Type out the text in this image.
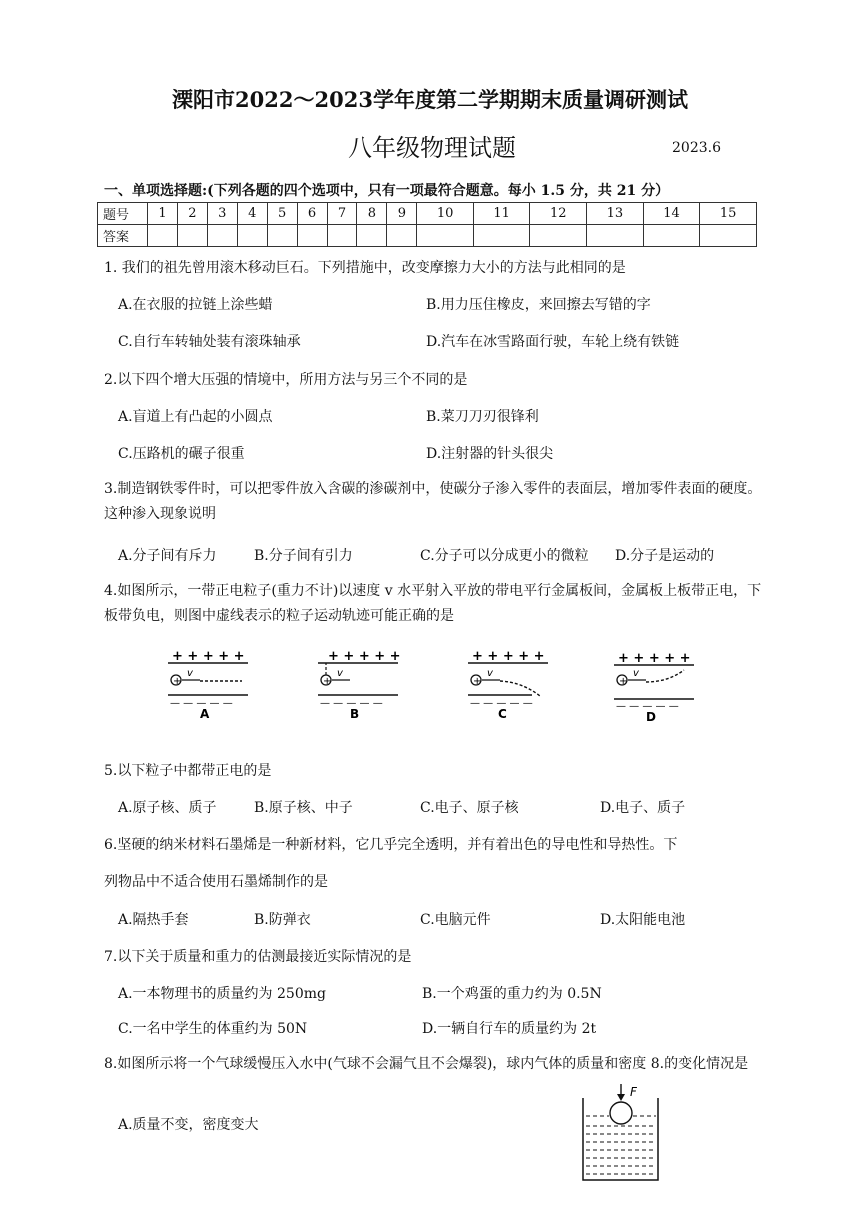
溧阳市2022～2023学年度第二学期期末质量调研测试
八年级物理试题	2023.6
一、单项选择题:(下列各题的四个选项中，只有一项最符合题意。每小 1.5 分，共 21 分）
题号	1	2	3	4	5	6	7	8	9	10	11	12	13	14	15
答案															
1. 我们的祖先曾用滚木移动巨石。下列措施中，改变摩擦力大小的方法与此相同的是
A.在衣服的拉链上涂些蜡	B.用力压住橡皮，来回擦去写错的字
C.自行车转轴处装有滚珠轴承	D.汽车在冰雪路面行驶，车轮上绕有铁链
2.以下四个增大压强的情境中，所用方法与另三个不同的是
A.盲道上有凸起的小圆点	B.菜刀刀刃很锋利
C.压路机的碾子很重	D.注射器的针头很尖
3.制造钢铁零件时，可以把零件放入含碳的渗碳剂中，使碳分子渗入零件的表面层，增加零件表面的硬度。这种渗入现象说明
A.分子间有斥力	B.分子间有引力	C.分子可以分成更小的微粒 D.分子是运动的
4.如图所示，一带正电粒子(重力不计)以速度 v 水平射入平放的带电平行金属板间，金属板上板带正电，下板带负电，则图中虚线表示的粒子运动轨迹可能正确的是
+ + + + +
+
v
— — — — —
A
+ + + + +
+
v
— — — — —
B
+ + + + +
+
v
— — — — —
C
+ + + + +
+
v
— — — — —
D
5.以下粒子中都带正电的是
A.原子核、质子	B.原子核、中子	C.电子、原子核	D.电子、质子
6.坚硬的纳米材料石墨烯是一种新材料，它几乎完全透明，并有着出色的导电性和导热性。下
列物品中不适合使用石墨烯制作的是
A.隔热手套	B.防弹衣	C.电脑元件	D.太阳能电池
7.以下关于质量和重力的估测最接近实际情况的是
A.一本物理书的质量约为 250mg	B.一个鸡蛋的重力约为 0.5N
C.一名中学生的体重约为 50N	D.一辆自行车的质量约为 2t
8.如图所示将一个气球缓慢压入水中(气球不会漏气且不会爆裂)，球内气体的质量和密度 8.的变化情况是
A.质量不变，密度变大
F
